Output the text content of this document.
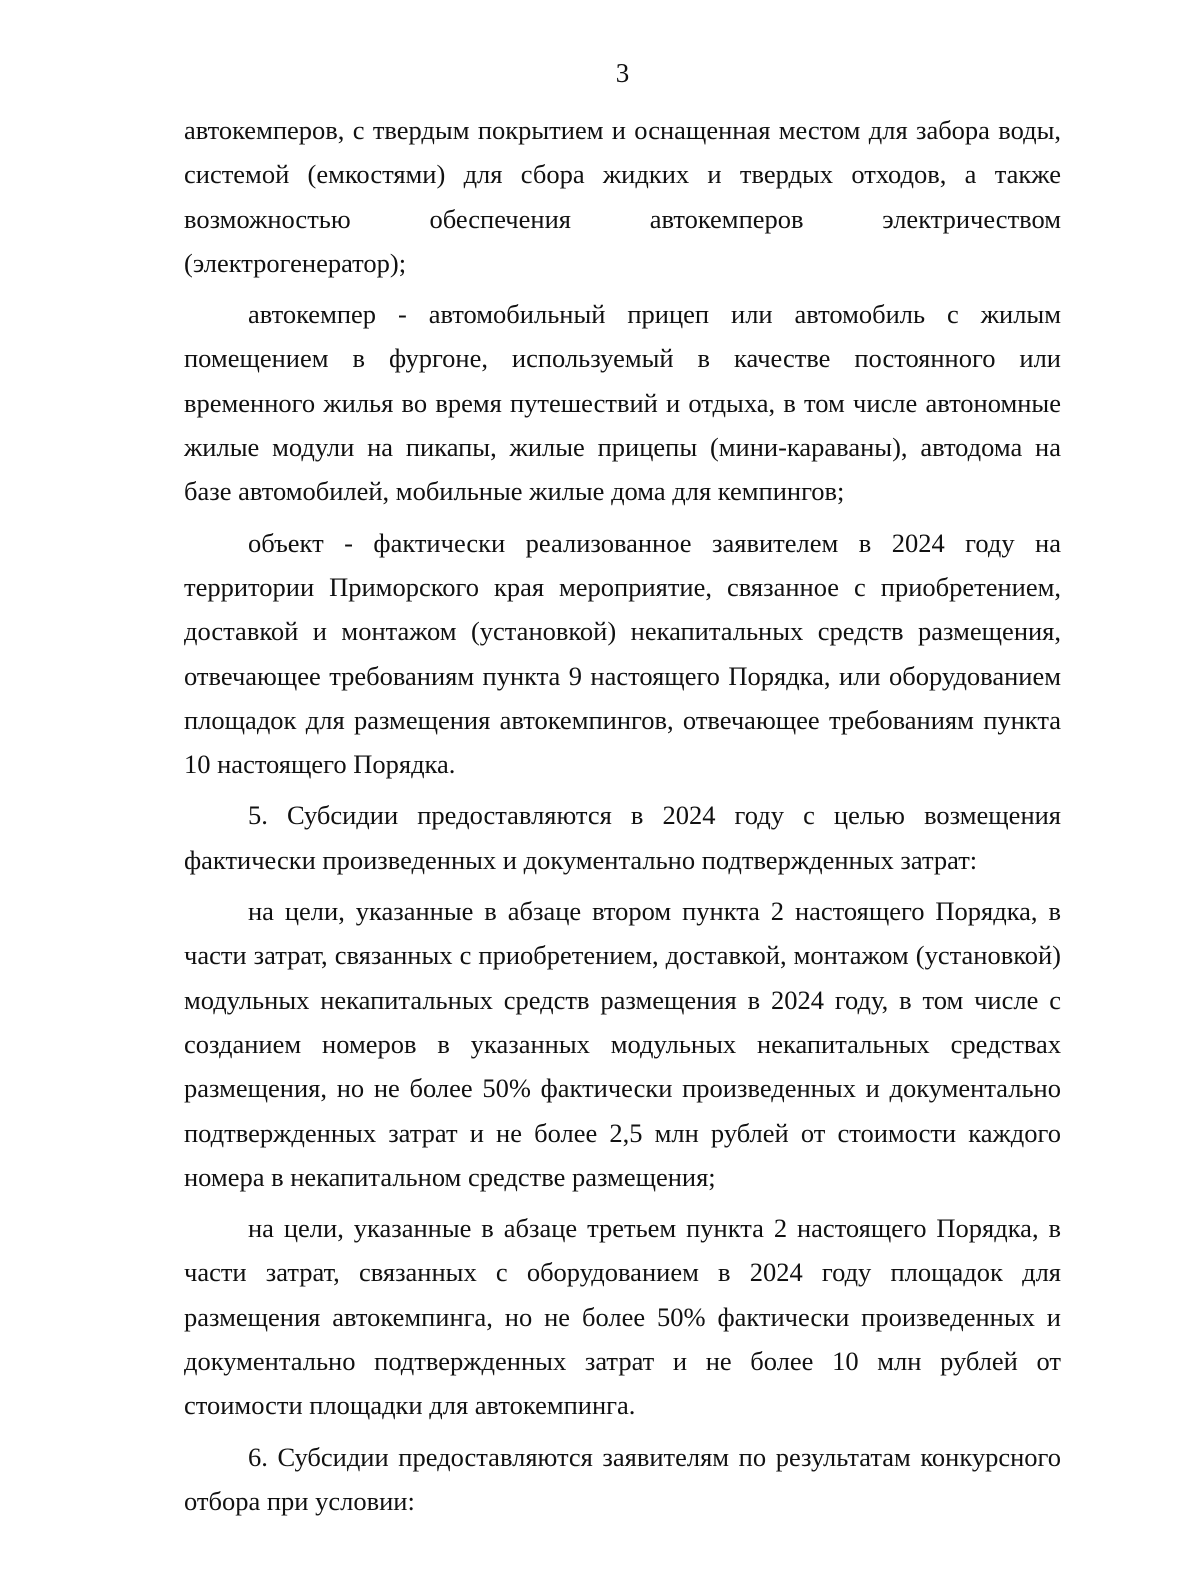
3

автокемперов, с твердым покрытием и оснащенная местом для забора воды, системой (емкостями) для сбора жидких и твердых отходов, а также возможностью обеспечения автокемперов электричеством (электрогенератор);

автокемпер - автомобильный прицеп или автомобиль с жилым помещением в фургоне, используемый в качестве постоянного или временного жилья во время путешествий и отдыха, в том числе автономные жилые модули на пикапы, жилые прицепы (мини-караваны), автодома на базе автомобилей, мобильные жилые дома для кемпингов;

объект - фактически реализованное заявителем в 2024 году на территории Приморского края мероприятие, связанное с приобретением, доставкой и монтажом (установкой) некапитальных средств размещения, отвечающее требованиям пункта 9 настоящего Порядка, или оборудованием площадок для размещения автокемпингов, отвечающее требованиям пункта 10 настоящего Порядка.

5. Субсидии предоставляются в 2024 году с целью возмещения фактически произведенных и документально подтвержденных затрат:

на цели, указанные в абзаце втором пункта 2 настоящего Порядка, в части затрат, связанных с приобретением, доставкой, монтажом (установкой) модульных некапитальных средств размещения в 2024 году, в том числе с созданием номеров в указанных модульных некапитальных средствах размещения, но не более 50% фактически произведенных и документально подтвержденных затрат и не более 2,5 млн рублей от стоимости каждого номера в некапитальном средстве размещения;

на цели, указанные в абзаце третьем пункта 2 настоящего Порядка, в части затрат, связанных с оборудованием в 2024 году площадок для размещения автокемпинга, но не более 50% фактически произведенных и документально подтвержденных затрат и не более 10 млн рублей от стоимости площадки для автокемпинга.

6. Субсидии предоставляются заявителям по результатам конкурсного отбора при условии:
